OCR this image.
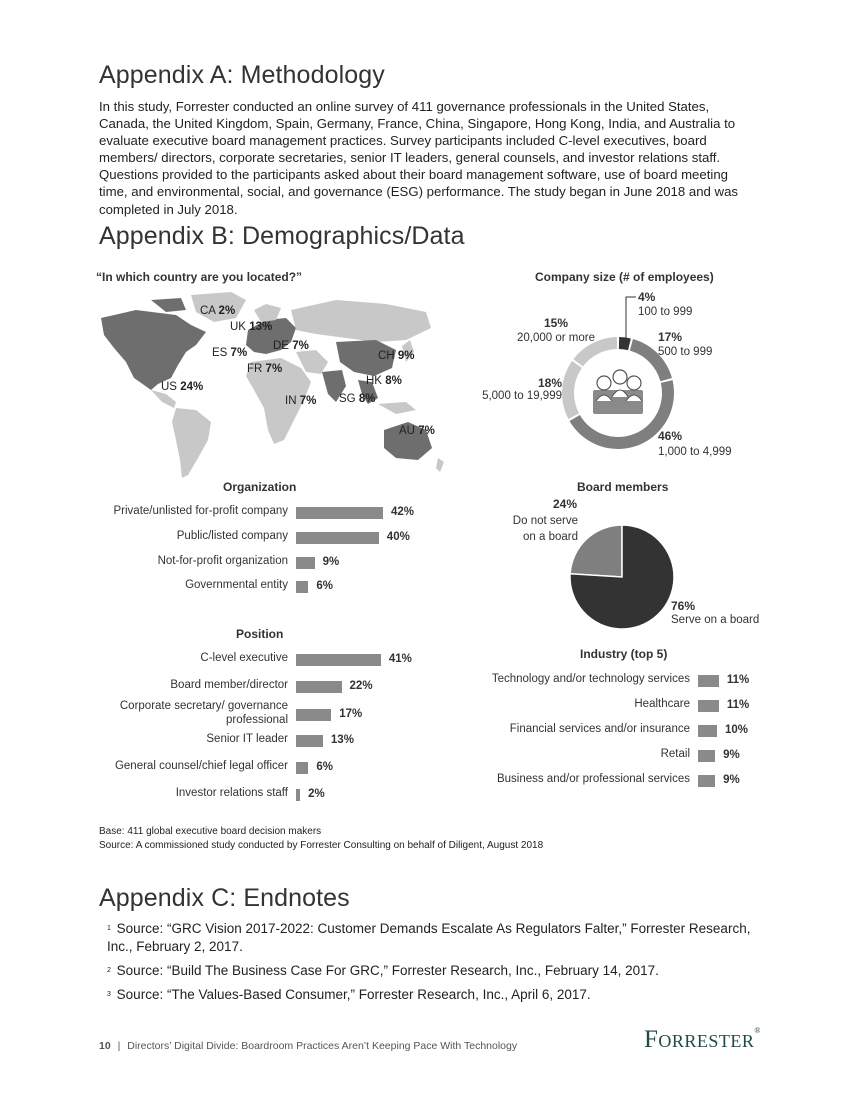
Appendix A: Methodology
In this study, Forrester conducted an online survey of 411 governance professionals in the United States, Canada, the United Kingdom, Spain, Germany, France, China, Singapore, Hong Kong, India, and Australia to evaluate executive board management practices. Survey participants included C-level executives, board members/ directors, corporate secretaries, senior IT leaders, general counsels, and investor relations staff. Questions provided to the participants asked about their board management software, use of board meeting time, and environmental, social, and governance (ESG) performance. The study began in June 2018 and was completed in July 2018.
Appendix B: Demographics/Data
“In which country are you located?”
CA 2%
UK 13%
DE 7%
ES 7%
FR 7%
US 24%
CH 9%
HK 8%
IN 7% SG 8%
AU 7%
Company size (# of employees)
4%
100 to 999
17%
500 to 999
46%
1,000 to 4,999
18%
5,000 to 19,999
15%
20,000 or more
Board members
24%
Do not serve on a board
76%
Serve on a board
Organization
Private/unlisted for-profit company	42%
Public/listed company	40%
Not-for-profit organization	9%
Governmental entity 6%
Position
C-level executive	41%
Board member/director	22%
Corporate secretary/ governance professional	17%
Senior IT leader	13%
General counsel/chief legal officer 6%
Investor relations staff 2%
Industry (top 5)
Technology and/or technology services	11%
Healthcare	11%
Financial services and/or insurance	10%
Retail	9%
Business and/or professional services	9%
Base: 411 global executive board decision makers
Source: A commissioned study conducted by Forrester Consulting on behalf of Diligent, August 2018
Appendix C: Endnotes
$^1$ Source: “GRC Vision 2017-2022: Customer Demands Escalate As Regulators Falter,” Forrester Research, Inc., February 2, 2017.
$^2$ Source: “Build The Business Case For GRC,” Forrester Research, Inc., February 14, 2017.
$^3$ Source: “The Values-Based Consumer,” Forrester Research, Inc., April 6, 2017.
10 | Directors’ Digital Divide: Boardroom Practices Aren’t Keeping Pace With Technology	Forrester®
